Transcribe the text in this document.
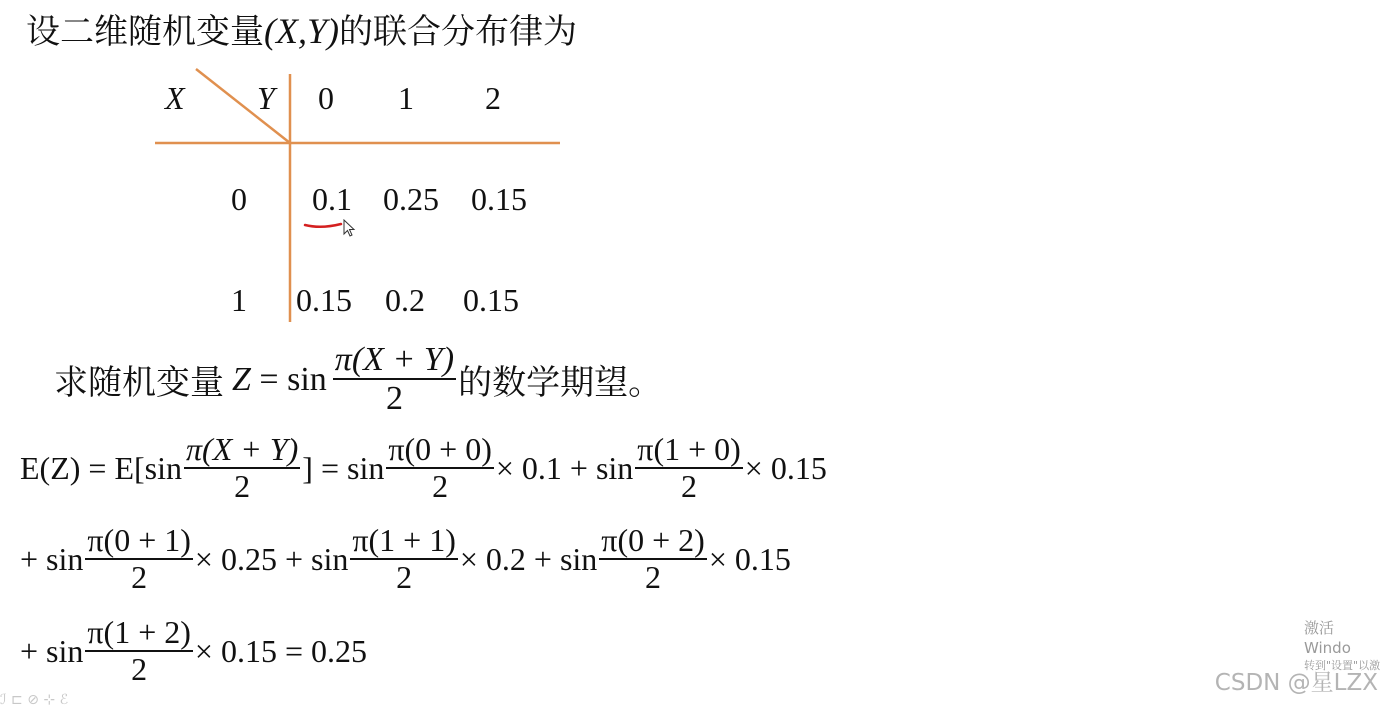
设二维随机变量(X,Y)的联合分布律为
X Y 0 1 2
0 0.1 0.25 0.15
1 0.15 0.2 0.15
求随机变量 $Z = \sin \frac{\pi(X + Y)}{2}$ 的数学期望。
$E(Z) = E[\sin \frac{\pi(X + Y)}{2}$ ] = $\sin \frac{\pi(0 + 0)}{2} \times 0.1 + \sin \frac{\pi(1 + 0)}{2} \times 0.15$
+ $\sin \frac{\pi(0 + 1)}{2} \times 0.25 + \sin \frac{\pi(1 + 1)}{2} \times 0.2 + \sin \frac{\pi(0 + 2)}{2} \times 0.15$
+ $\sin \frac{\pi(1 + 2)}{2} \times 0.15 = 0.25$
激活 Windo
转到"设置"以激
CSDN @星LZX
ℐ ⊏ ⊘ ⊹ ℰ
